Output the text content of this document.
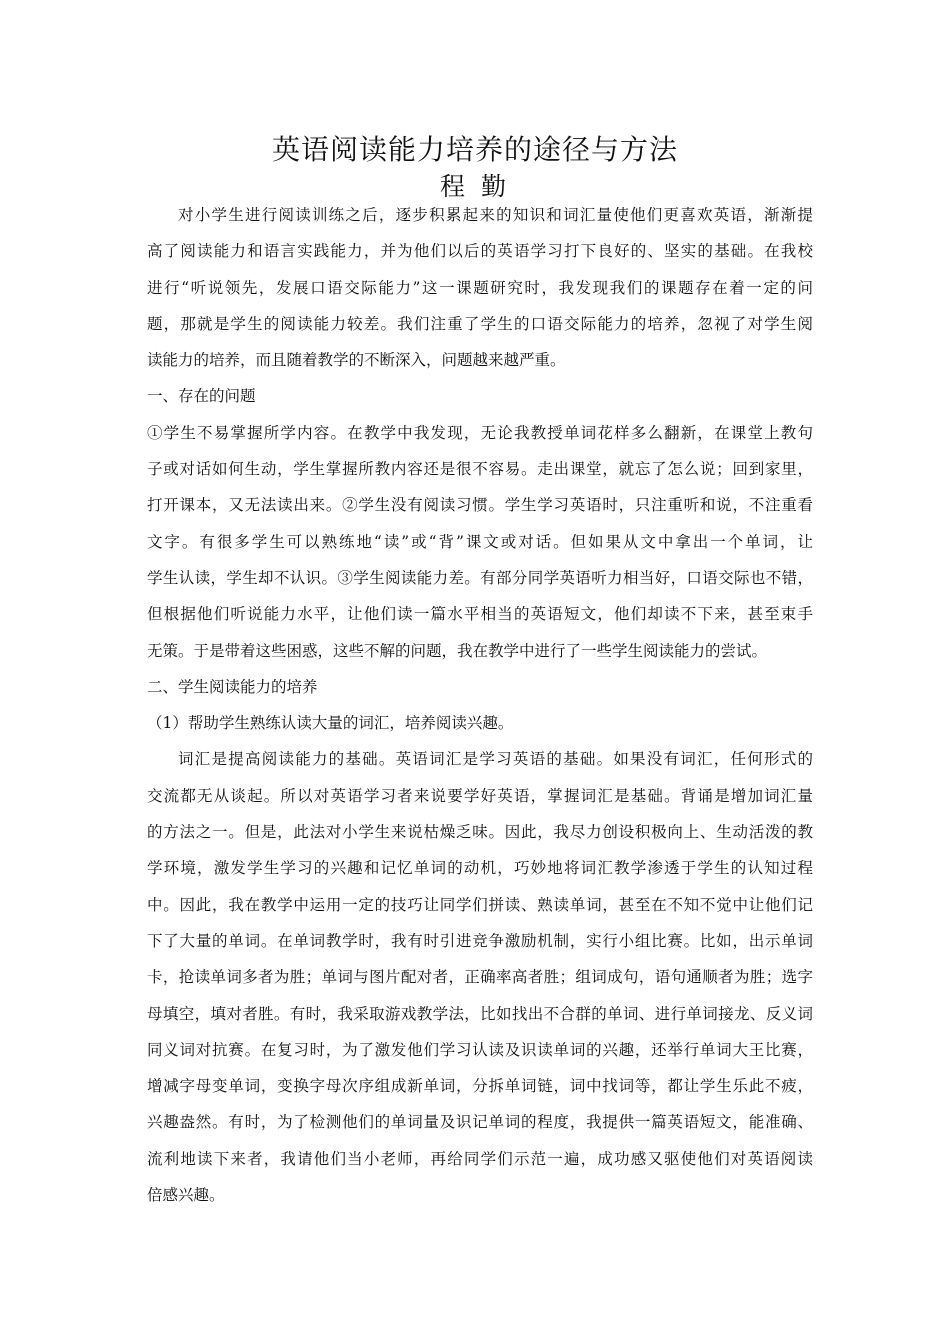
英语阅读能力培养的途径与方法
程 勤
对小学生进行阅读训练之后，逐步积累起来的知识和词汇量使他们更喜欢英语，渐渐提
高了阅读能力和语言实践能力，并为他们以后的英语学习打下良好的、坚实的基础。在我校
进行“听说领先，发展口语交际能力”这一课题研究时，我发现我们的课题存在着一定的问
题，那就是学生的阅读能力较差。我们注重了学生的口语交际能力的培养，忽视了对学生阅
读能力的培养，而且随着教学的不断深入，问题越来越严重。
一、存在的问题
①学生不易掌握所学内容。在教学中我发现，无论我教授单词花样多么翻新，在课堂上教句
子或对话如何生动，学生掌握所教内容还是很不容易。走出课堂，就忘了怎么说；回到家里，
打开课本，又无法读出来。②学生没有阅读习惯。学生学习英语时，只注重听和说，不注重看
文字。有很多学生可以熟练地“读”或“背”课文或对话。但如果从文中拿出一个单词，让
学生认读，学生却不认识。③学生阅读能力差。有部分同学英语听力相当好，口语交际也不错，
但根据他们听说能力水平，让他们读一篇水平相当的英语短文，他们却读不下来，甚至束手
无策。于是带着这些困惑，这些不解的问题，我在教学中进行了一些学生阅读能力的尝试。
二、学生阅读能力的培养
（1）帮助学生熟练认读大量的词汇，培养阅读兴趣。
词汇是提高阅读能力的基础。英语词汇是学习英语的基础。如果没有词汇，任何形式的
交流都无从谈起。所以对英语学习者来说要学好英语，掌握词汇是基础。背诵是增加词汇量
的方法之一。但是，此法对小学生来说枯燥乏味。因此，我尽力创设积极向上、生动活泼的教
学环境，激发学生学习的兴趣和记忆单词的动机，巧妙地将词汇教学渗透于学生的认知过程
中。因此，我在教学中运用一定的技巧让同学们拼读、熟读单词，甚至在不知不觉中让他们记
下了大量的单词。在单词教学时，我有时引进竞争激励机制，实行小组比赛。比如，出示单词
卡，抢读单词多者为胜；单词与图片配对者，正确率高者胜；组词成句，语句通顺者为胜；选字
母填空，填对者胜。有时，我采取游戏教学法，比如找出不合群的单词、进行单词接龙、反义词
同义词对抗赛。在复习时，为了激发他们学习认读及识读单词的兴趣，还举行单词大王比赛，
增减字母变单词，变换字母次序组成新单词，分拆单词链，词中找词等，都让学生乐此不疲，
兴趣盎然。有时，为了检测他们的单词量及识记单词的程度，我提供一篇英语短文，能准确、
流利地读下来者，我请他们当小老师，再给同学们示范一遍，成功感又驱使他们对英语阅读
倍感兴趣。
